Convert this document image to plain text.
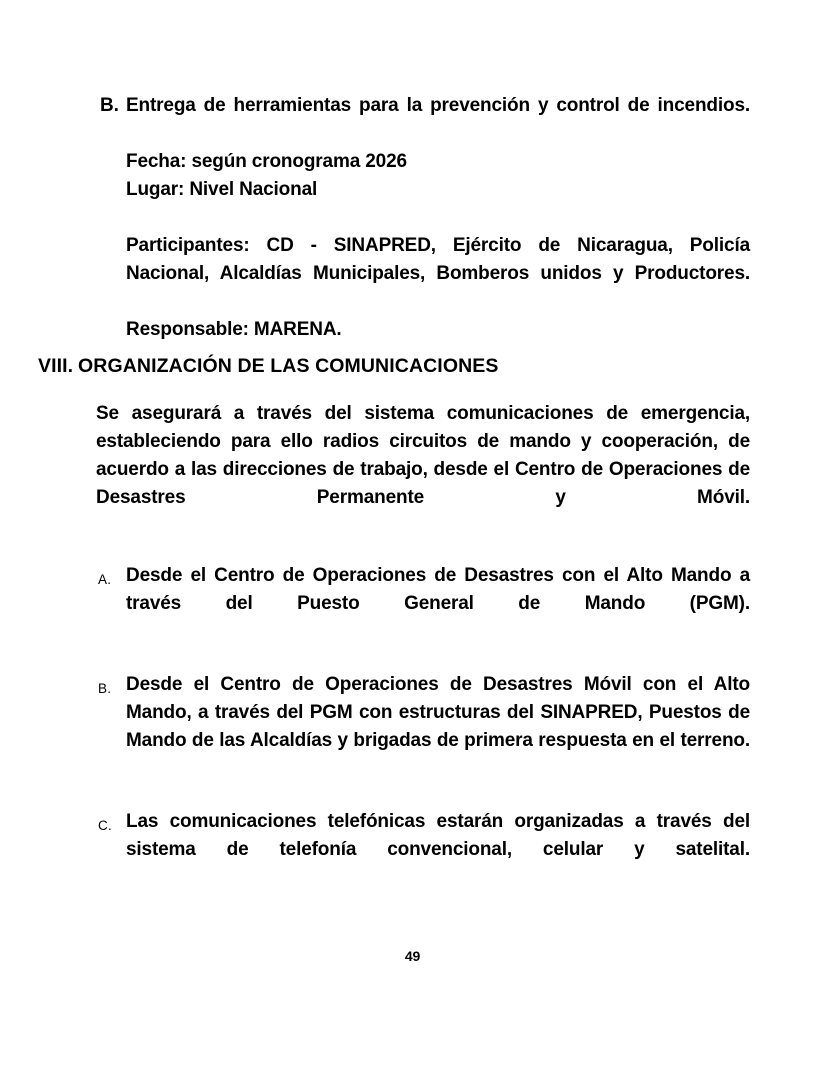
B. Entrega de herramientas para la prevención y control de incendios.

Fecha: según cronograma 2026

Lugar: Nivel Nacional

Participantes: CD - SINAPRED, Ejército de Nicaragua, Policía Nacional, Alcaldías Municipales, Bomberos unidos y Productores.

Responsable: MARENA.

VIII. ORGANIZACIÓN DE LAS COMUNICACIONES

Se asegurará a través del sistema comunicaciones de emergencia, estableciendo para ello radios circuitos de mando y cooperación, de acuerdo a las direcciones de trabajo, desde el Centro de Operaciones de Desastres Permanente y Móvil.

A. Desde el Centro de Operaciones de Desastres con el Alto Mando a través del Puesto General de Mando (PGM).

B. Desde el Centro de Operaciones de Desastres Móvil con el Alto Mando, a través del PGM con estructuras del SINAPRED, Puestos de Mando de las Alcaldías y brigadas de primera respuesta en el terreno.

C. Las comunicaciones telefónicas estarán organizadas a través del sistema de telefonía convencional, celular y satelital.

49
